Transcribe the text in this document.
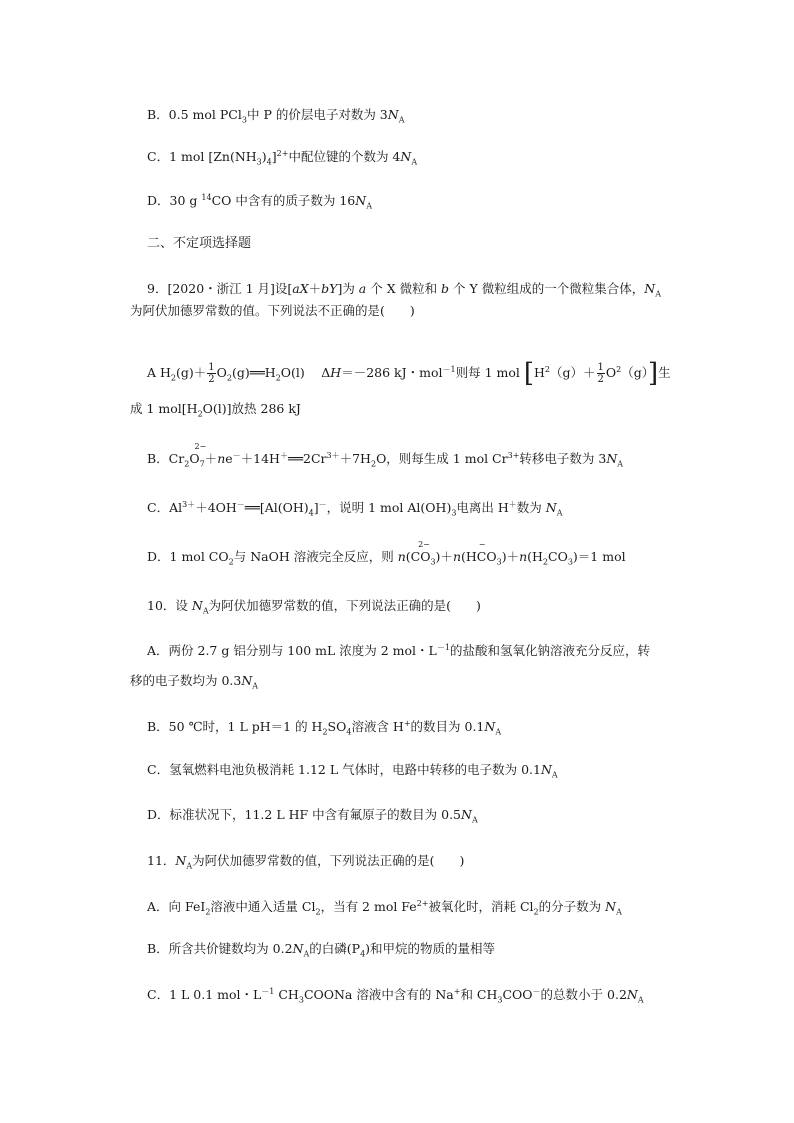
B．0.5 mol PCl$_3$中 P 的价层电子对数为 $3N_A$
C．1 mol $[Zn(NH_3)_4]^{2+}$中配位键的个数为 $4N_A$
D．30 g $^{14}$CO 中含有的质子数为 $16N_A$
二、不定项选择题
9．[2020・浙江 1 月]设[aX＋bY]为 a 个 X 微粒和 b 个 Y 微粒组成的一个微粒集合体，$N_A$
为阿伏加德罗常数的值。下列说法不正确的是(　　)
A $H_2(g)+ \frac{1}{2}$ $O_2(g)══H_2O(l)$　 ΔH＝－286 kJ・mol$^{-1}$则每 1 mol $[H^2(g)+ \frac{1}{2} O^2(g)]$生
成 1 $mol[H_2O(l)]$放热 286 kJ
B．$Cr_2O$
2−
$_7+ne^-+14H^+══2Cr^{3+}+7H_2O$，则每生成 1 mol $Cr^{3+}$转移电子数为 $3N_A$
C．$Al^{3+}+4OH^-══[Al(OH)_4]^-$，说明 1 mol $Al(OH)_3$电离出 H＋数为 $N_A$
D．1 mol $CO_2$与 NaOH 溶液完全反应，则 n(CO
2−
$_3$)＋n(HCO
−
$_3)+n(H_2CO_3)=1$ mol
10．设 $N_A$为阿伏加德罗常数的值，下列说法正确的是(　　)
A．两份 2.7 g 铝分别与 100 mL 浓度为 2 mol・$L^{-1}$的盐酸和氢氧化钠溶液充分反应，转
移的电子数均为 $0.3N_A$
B．50 ℃时，1 L pH＝1 的 $H_2SO_4$溶液含 H+的数目为 $0.1N_A$
C．氢氧燃料电池负极消耗 1.12 L 气体时，电路中转移的电子数为 $0.1N_A$
D．标准状况下，11.2 L HF 中含有氟原子的数目为 $0.5N_A$
11．$N_A$为阿伏加德罗常数的值，下列说法正确的是(　　)
A．向 FeI$_2$溶液中通入适量 $Cl_2$，当有 2 mol $Fe^{2+}$被氧化时，消耗 $Cl_2$的分子数为 $N_A$
B．所含共价键数均为 $0.2N_A$的白磷$(P_4)$和甲烷的物质的量相等
C．1 L 0.1 mol・$L^{-1}$ $CH_3COONa$ 溶液中含有的 Na+和 $CH_3COO^-$的总数小于 $0.2N_A$
